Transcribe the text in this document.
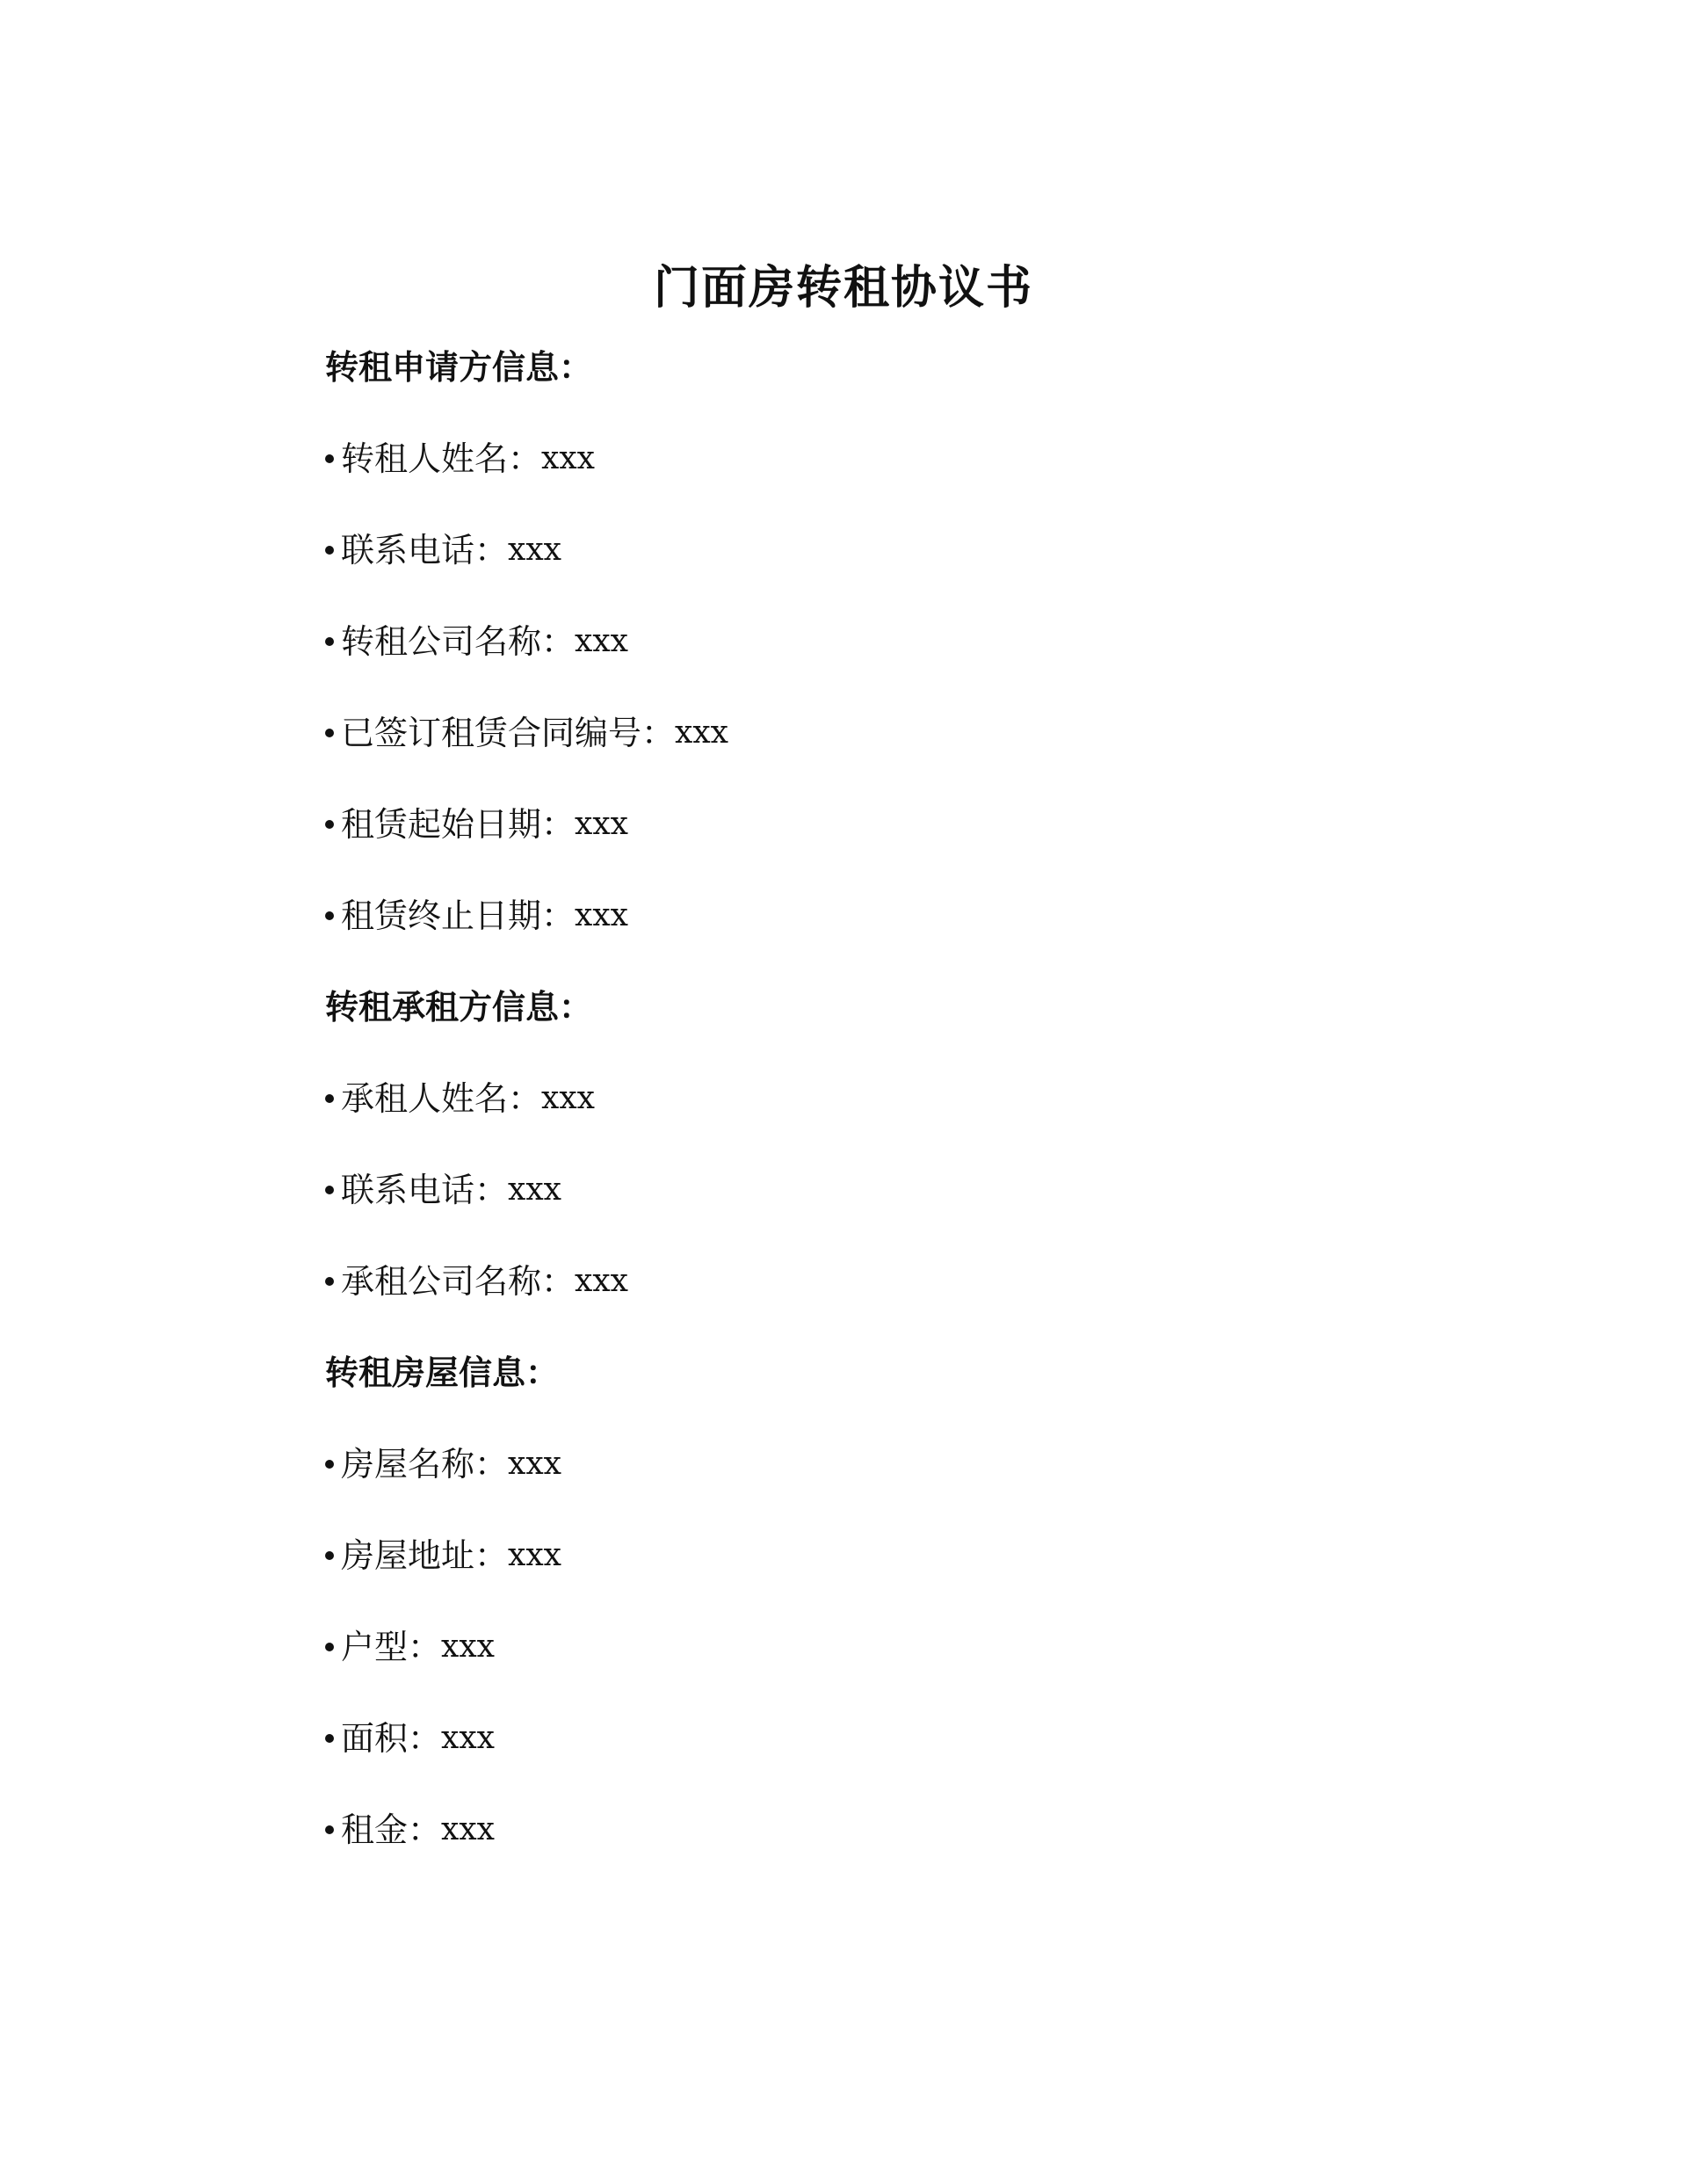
门面房转租协议书
转租申请方信息：
转租人姓名： xxx
联系电话： xxx
转租公司名称： xxx
已签订租赁合同编号： xxx
租赁起始日期： xxx
租赁终止日期： xxx
转租承租方信息：
承租人姓名： xxx
联系电话： xxx
承租公司名称： xxx
转租房屋信息：
房屋名称： xxx
房屋地址： xxx
户型： xxx
面积： xxx
租金： xxx
